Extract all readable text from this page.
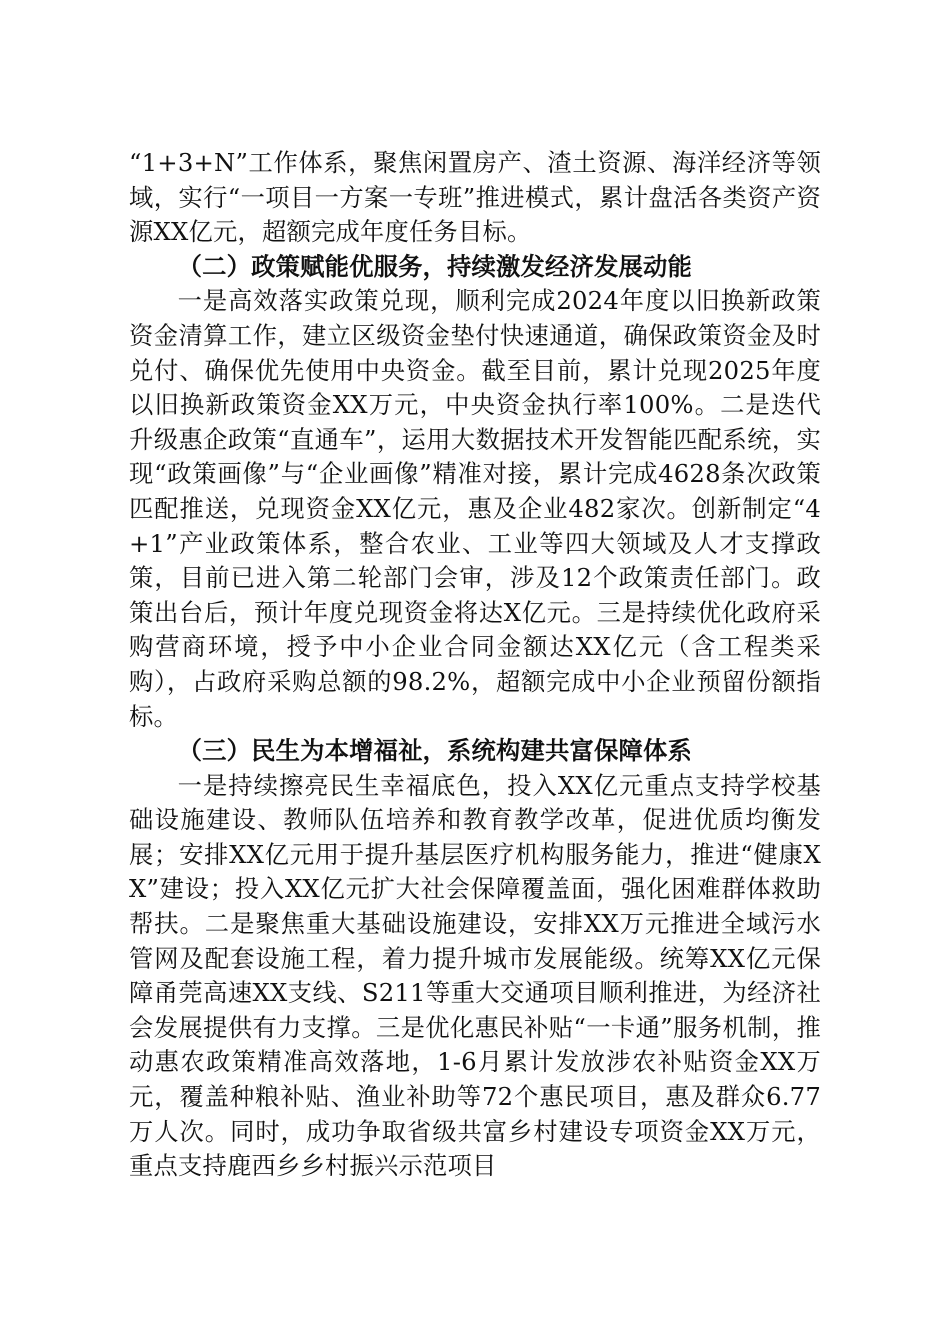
“1+3+N”工作体系，聚焦闲置房产、渣土资源、海洋经济等领域，实行“一项目一方案一专班”推进模式，累计盘活各类资产资源XX亿元，超额完成年度任务目标。

（二）政策赋能优服务，持续激发经济发展动能

一是高效落实政策兑现，顺利完成2024年度以旧换新政策资金清算工作，建立区级资金垫付快速通道，确保政策资金及时兑付、确保优先使用中央资金。截至目前，累计兑现2025年度以旧换新政策资金XX万元，中央资金执行率100%。二是迭代升级惠企政策“直通车”，运用大数据技术开发智能匹配系统，实现“政策画像”与“企业画像”精准对接，累计完成4628条次政策匹配推送，兑现资金XX亿元，惠及企业482家次。创新制定“4+1”产业政策体系，整合农业、工业等四大领域及人才支撑政策，目前已进入第二轮部门会审，涉及12个政策责任部门。政策出台后，预计年度兑现资金将达X亿元。三是持续优化政府采购营商环境，授予中小企业合同金额达XX亿元（含工程类采购），占政府采购总额的98.2%，超额完成中小企业预留份额指标。

（三）民生为本增福祉，系统构建共富保障体系

一是持续擦亮民生幸福底色，投入XX亿元重点支持学校基础设施建设、教师队伍培养和教育教学改革，促进优质均衡发展；安排XX亿元用于提升基层医疗机构服务能力，推进“健康XX”建设；投入XX亿元扩大社会保障覆盖面，强化困难群体救助帮扶。二是聚焦重大基础设施建设，安排XX万元推进全域污水管网及配套设施工程，着力提升城市发展能级。统筹XX亿元保障甬莞高速XX支线、S211等重大交通项目顺利推进，为经济社会发展提供有力支撑。三是优化惠民补贴“一卡通”服务机制，推动惠农政策精准高效落地，1-6月累计发放涉农补贴资金XX万元，覆盖种粮补贴、渔业补助等72个惠民项目，惠及群众6.77万人次。同时，成功争取省级共富乡村建设专项资金XX万元，重点支持鹿西乡乡村振兴示范项目
